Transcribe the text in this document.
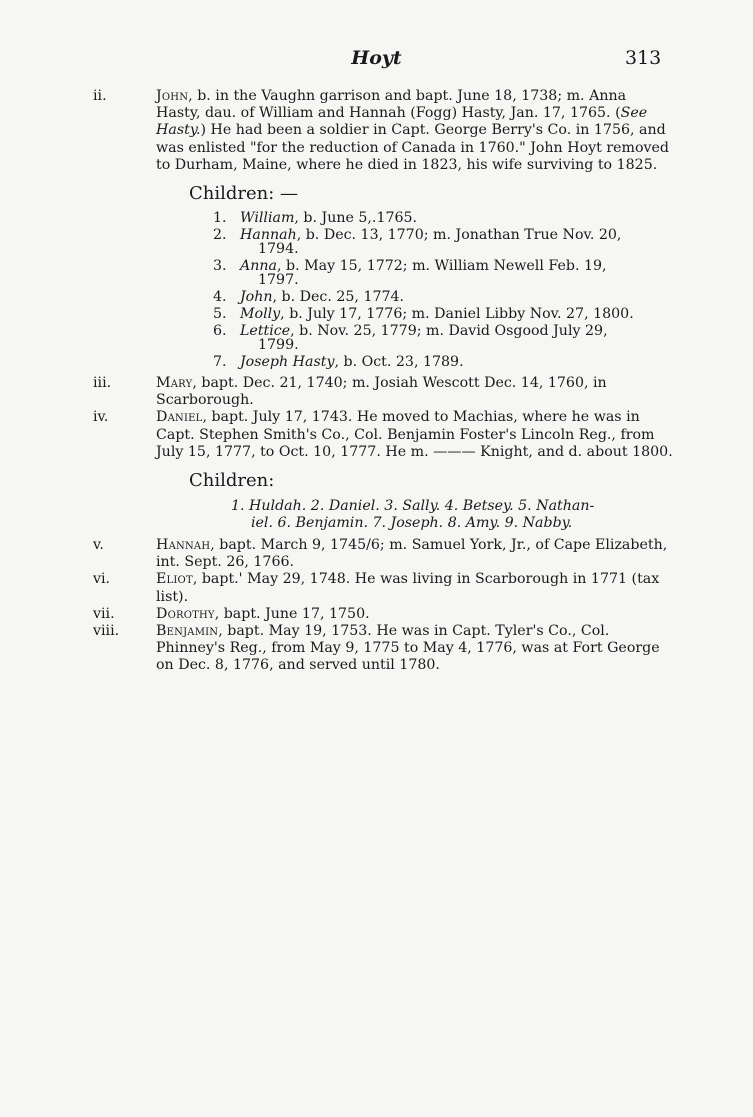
Hoyt	313

ii.	John, b. in the Vaughn garrison and bapt. June 18, 1738; m. Anna Hasty, dau. of William and Hannah (Fogg) Hasty, Jan. 17, 1765. (See Hasty.) He had been a soldier in Capt. George Berry's Co. in 1756, and was enlisted "for the reduction of Canada in 1760." John Hoyt removed to Durham, Maine, where he died in 1823, his wife surviving to 1825.

Children: —
1. William, b. June 5,.1765.
2. Hannah, b. Dec. 13, 1770; m. Jonathan True Nov. 20,
1794.
3. Anna, b. May 15, 1772; m. William Newell Feb. 19,
1797.
4. John, b. Dec. 25, 1774.
5. Molly, b. July 17, 1776; m. Daniel Libby Nov. 27, 1800.
6. Lettice, b. Nov. 25, 1779; m. David Osgood July 29,
1799.
7. Joseph Hasty, b. Oct. 23, 1789.

iii.	Mary, bapt. Dec. 21, 1740; m. Josiah Wescott Dec. 14, 1760, in Scarborough.

iv.	Daniel, bapt. July 17, 1743. He moved to Machias, where he was in Capt. Stephen Smith's Co., Col. Benjamin Foster's Lincoln Reg., from July 15, 1777, to Oct. 10, 1777. He m. ——— Knight, and d. about 1800.

Children:
1. Huldah. 2. Daniel. 3. Sally. 4. Betsey. 5. Nathan-
iel. 6. Benjamin. 7. Joseph. 8. Amy. 9. Nabby.

v.	Hannah, bapt. March 9, 1745/6; m. Samuel York, Jr., of Cape Elizabeth, int. Sept. 26, 1766.

vi.	Eliot, bapt.' May 29, 1748. He was living in Scarborough in 1771 (tax list).

vii.	Dorothy, bapt. June 17, 1750.

viii.	Benjamin, bapt. May 19, 1753. He was in Capt. Tyler's Co., Col. Phinney's Reg., from May 9, 1775 to May 4, 1776, was at Fort George on Dec. 8, 1776, and served until 1780.
